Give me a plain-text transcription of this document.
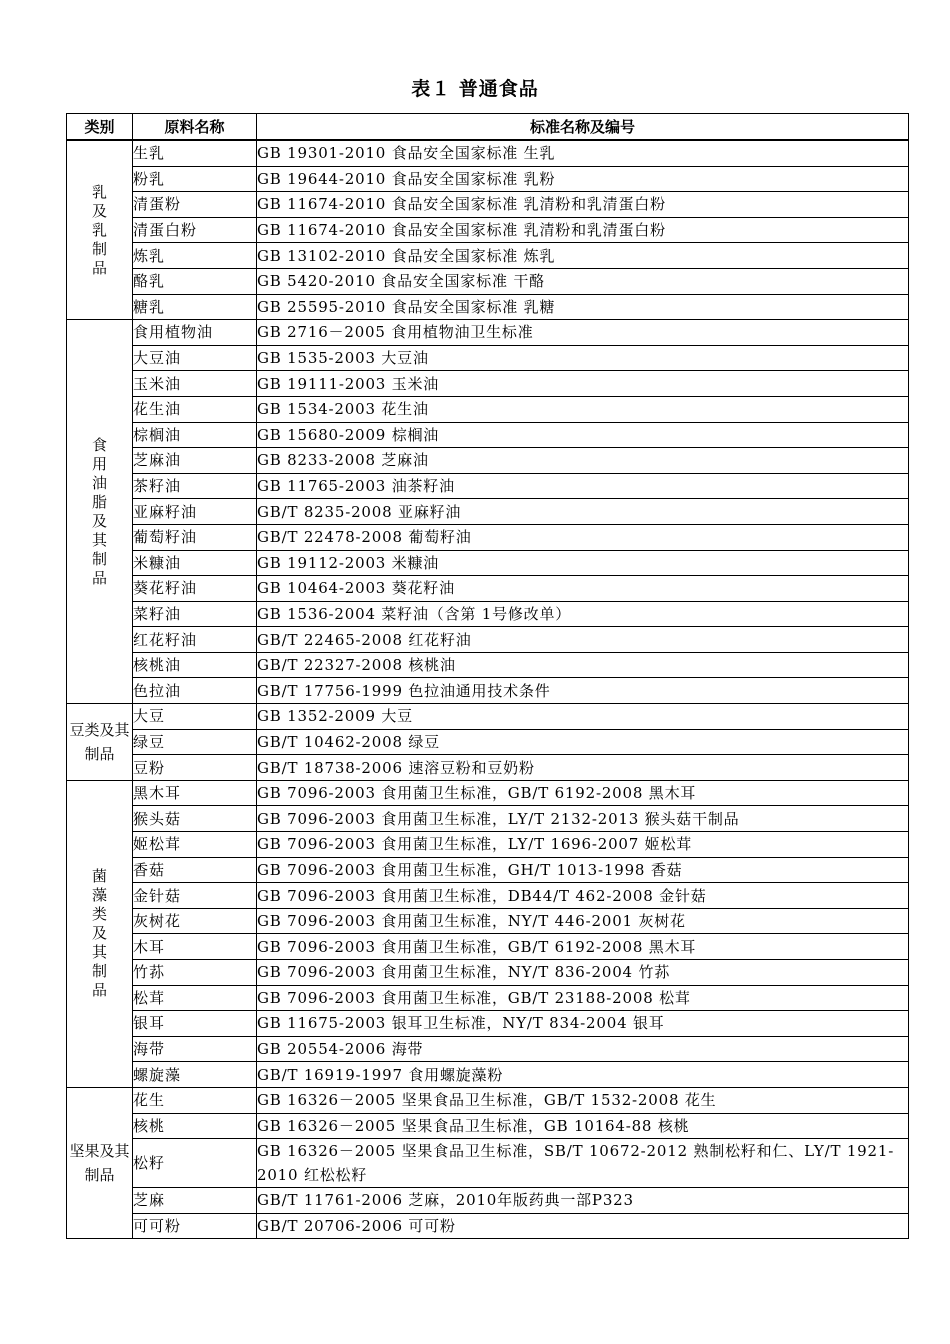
表１ 普通食品
类别	原料名称	标准名称及编号

乳及乳制品	生乳	GB 19301-2010 食品安全国家标准 生乳
	粉乳	GB 19644-2010 食品安全国家标准 乳粉
	清蛋粉	GB 11674-2010 食品安全国家标准 乳清粉和乳清蛋白粉
	清蛋白粉	GB 11674-2010 食品安全国家标准 乳清粉和乳清蛋白粉
	炼乳	GB 13102-2010 食品安全国家标准 炼乳
	酪乳	GB 5420-2010 食品安全国家标准 干酪
	糖乳	GB 25595-2010 食品安全国家标准 乳糖

食用油脂及其制品	食用植物油	GB 2716－2005 食用植物油卫生标准
	大豆油	GB 1535-2003 大豆油
	玉米油	GB 19111-2003 玉米油
	花生油	GB 1534-2003 花生油
	棕榈油	GB 15680-2009 棕榈油
	芝麻油	GB 8233-2008 芝麻油
	茶籽油	GB 11765-2003 油茶籽油
	亚麻籽油	GB/T 8235-2008 亚麻籽油
	葡萄籽油	GB/T 22478-2008 葡萄籽油
	米糠油	GB 19112-2003 米糠油
	葵花籽油	GB 10464-2003 葵花籽油
	菜籽油	GB 1536-2004 菜籽油（含第 1号修改单）
	红花籽油	GB/T 22465-2008 红花籽油
	核桃油	GB/T 22327-2008 核桃油
	色拉油	GB/T 17756-1999 色拉油通用技术条件

豆类及其制品	大豆	GB 1352-2009 大豆
	绿豆	GB/T 10462-2008 绿豆
	豆粉	GB/T 18738-2006 速溶豆粉和豆奶粉

菌藻类及其制品	黑木耳	GB 7096-2003 食用菌卫生标准，GB/T 6192-2008 黑木耳
	猴头菇	GB 7096-2003 食用菌卫生标准，LY/T 2132-2013 猴头菇干制品
	姬松茸	GB 7096-2003 食用菌卫生标准，LY/T 1696-2007 姬松茸
	香菇	GB 7096-2003 食用菌卫生标准，GH/T 1013-1998 香菇
	金针菇	GB 7096-2003 食用菌卫生标准，DB44/T 462-2008 金针菇
	灰树花	GB 7096-2003 食用菌卫生标准，NY/T 446-2001 灰树花
	木耳	GB 7096-2003 食用菌卫生标准，GB/T 6192-2008 黑木耳
	竹荪	GB 7096-2003 食用菌卫生标准，NY/T 836-2004 竹荪
	松茸	GB 7096-2003 食用菌卫生标准，GB/T 23188-2008 松茸
	银耳	GB 11675-2003 银耳卫生标准，NY/T 834-2004 银耳
	海带	GB 20554-2006 海带
	螺旋藻	GB/T 16919-1997 食用螺旋藻粉

坚果及其制品	花生	GB 16326－2005 坚果食品卫生标准，GB/T 1532-2008 花生
	核桃	GB 16326－2005 坚果食品卫生标准，GB 10164-88 核桃
	松籽	GB 16326－2005 坚果食品卫生标准，SB/T 10672-2012 熟制松籽和仁、LY/T 1921-2010 红松松籽
	芝麻	GB/T 11761-2006 芝麻，2010年版药典一部P323
	可可粉	GB/T 20706-2006 可可粉
